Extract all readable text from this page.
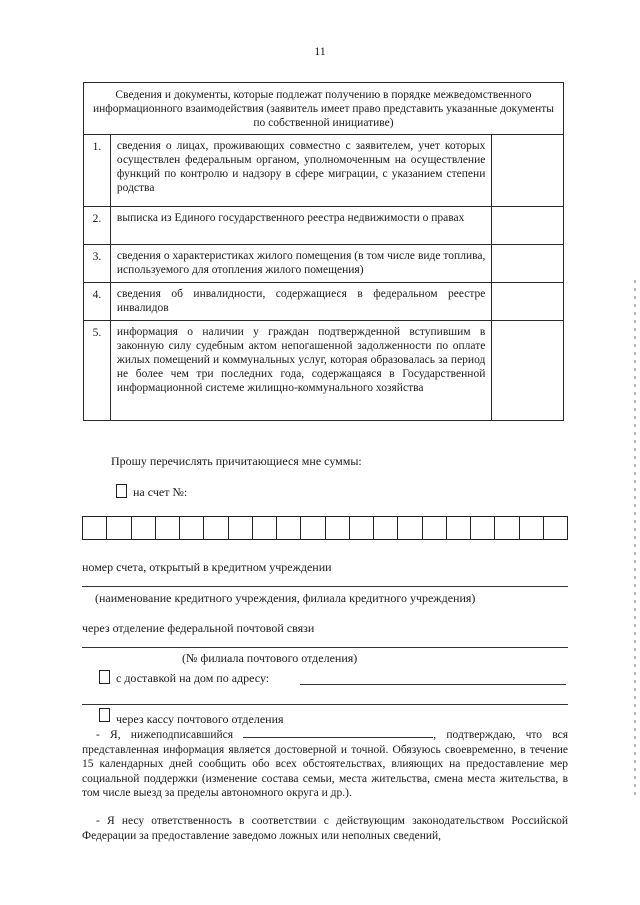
11
Сведения и документы, которые подлежат получению в порядке межведомственного информационного взаимодействия (заявитель имеет право представить указанные документы по собственной инициативе)		
1.	сведения о лицах, проживающих совместно с заявителем, учет которых осуществлен федеральным органом, уполномоченным на осуществление функций по контролю и надзору в сфере миграции, с указанием степени родства	
2.	выписка из Единого государственного реестра недвижимости о правах	
3.	сведения о характеристиках жилого помещения (в том числе виде топлива, используемого для отопления жилого помещения)	
4.	сведения об инвалидности, содержащиеся в федеральном реестре инвалидов	
5.	информация о наличии у граждан подтвержденной вступившим в законную силу судебным актом непогашенной задолженности по оплате жилых помещений и коммунальных услуг, которая образовалась за период не более чем три последних года, содержащаяся в Государственной информационной системе жилищно-коммунального хозяйства	
Прошу перечислять причитающиеся мне суммы:
на счет №:
номер счета, открытый в кредитном учреждении
(наименование кредитного учреждения, филиала кредитного учреждения)
через отделение федеральной почтовой связи
(№ филиала почтового отделения)
с доставкой на дом по адресу:
через кассу почтового отделения
- Я, нижеподписавшийся	, подтверждаю, что вся представленная информация является достоверной и точной. Обязуюсь своевременно, в течение 15 календарных дней сообщить обо всех обстоятельствах, влияющих на предоставление мер социальной поддержки (изменение состава семьи, места жительства, смена места жительства, в том числе выезд за пределы автономного округа и др.).
- Я несу ответственность в соответствии с действующим законодательством Российской Федерации за предоставление заведомо ложных или неполных сведений,
